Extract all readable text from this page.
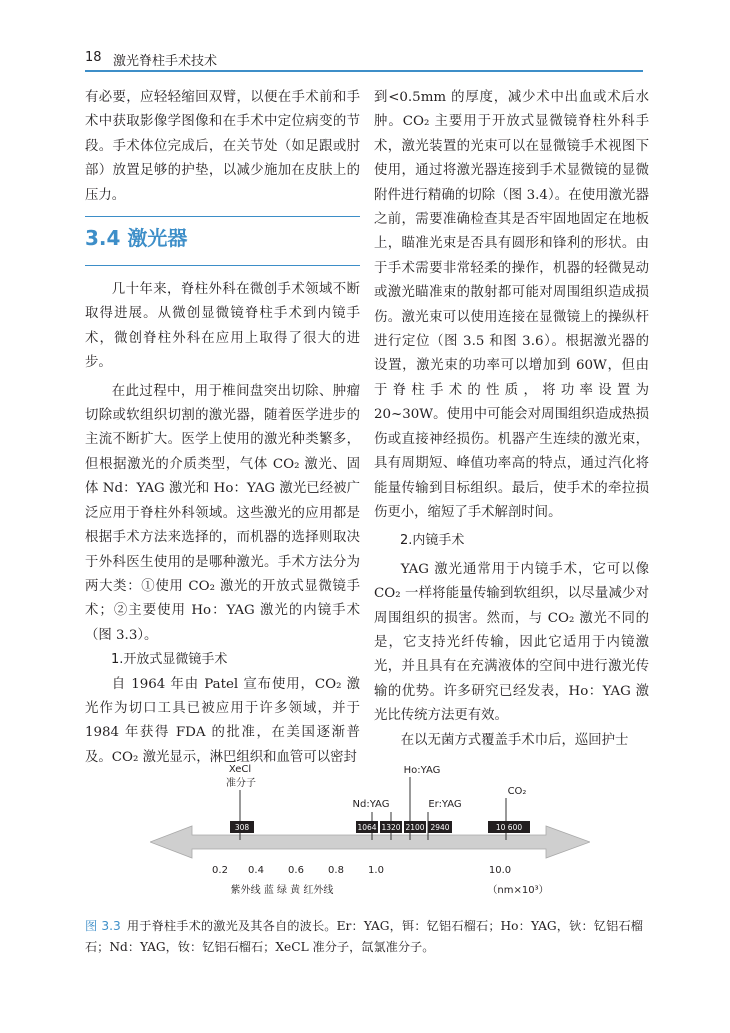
18 激光脊柱手术技术

有必要，应轻轻缩回双臂，以便在手术前和手术中获取影像学图像和在手术中定位病变的节段。手术体位完成后，在关节处（如足跟或肘部）放置足够的护垫，以减少施加在皮肤上的压力。

3.4 激光器

几十年来，脊柱外科在微创手术领域不断取得进展。从微创显微镜脊柱手术到内镜手术，微创脊柱外科在应用上取得了很大的进步。

在此过程中，用于椎间盘突出切除、肿瘤切除或软组织切割的激光器，随着医学进步的主流不断扩大。医学上使用的激光种类繁多，但根据激光的介质类型，气体 CO₂ 激光、固体 Nd：YAG 激光和 Ho：YAG 激光已经被广泛应用于脊柱外科领域。这些激光的应用都是根据手术方法来选择的，而机器的选择则取决于外科医生使用的是哪种激光。手术方法分为两大类：①使用 CO₂ 激光的开放式显微镜手术；②主要使用 Ho：YAG 激光的内镜手术（图 3.3）。

1.开放式显微镜手术

自 1964 年由 Patel 宣布使用，CO₂ 激光作为切口工具已被应用于许多领域，并于 1984 年获得 FDA 的批准，在美国逐渐普及。CO₂ 激光显示，淋巴组织和血管可以密封

到<0.5mm 的厚度，减少术中出血或术后水肿。CO₂ 主要用于开放式显微镜脊柱外科手术，激光装置的光束可以在显微镜手术视图下使用，通过将激光器连接到手术显微镜的显微附件进行精确的切除（图 3.4）。在使用激光器之前，需要准确检查其是否牢固地固定在地板上，瞄准光束是否具有圆形和锋利的形状。由于手术需要非常轻柔的操作，机器的轻微晃动或激光瞄准束的散射都可能对周围组织造成损伤。激光束可以使用连接在显微镜上的操纵杆进行定位（图 3.5 和图 3.6）。根据激光器的设置，激光束的功率可以增加到 60W，但由于脊柱手术的性质，将功率设置为 20~30W。使用中可能会对周围组织造成热损伤或直接神经损伤。机器产生连续的激光束，具有周期短、峰值功率高的特点，通过汽化将能量传输到目标组织。最后，使手术的牵拉损伤更小，缩短了手术解剖时间。

2.内镜手术

YAG 激光通常用于内镜手术，它可以像 CO₂ 一样将能量传输到软组织，以尽量减少对周围组织的损害。然而，与 CO₂ 激光不同的是，它支持光纤传输，因此它适用于内镜激光，并且具有在充满液体的空间中进行激光传输的优势。许多研究已经发表，Ho：YAG 激光比传统方法更有效。

在以无菌方式覆盖手术巾后，巡回护士

308	1064 1320 2100 2940	10 600
XeCl
准分子
Ho:YAG
Nd:YAG	Er:YAG
CO₂
0.2 0.4 0.6 0.8 1.0	10.0
紫外线 蓝 绿 黄 红外线	（nm×10³）
图 3.3 用于脊柱手术的激光及其各自的波长。Er：YAG，铒：钇铝石榴石；Ho：YAG，钬：钇铝石榴石；Nd：YAG，钕：钇铝石榴石；XeCL 准分子，氙氯准分子。
